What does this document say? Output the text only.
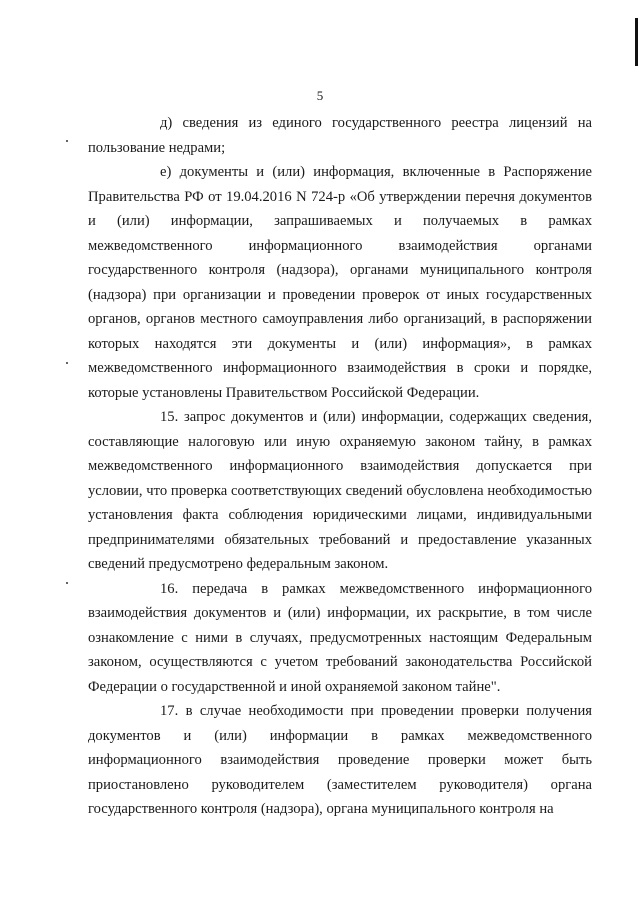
5

д) сведения из единого государственного реестра лицензий на пользование недрами;

е) документы и (или) информация, включенные в Распоряжение Правительства РФ от 19.04.2016 N 724-р «Об утверждении перечня документов и (или) информации, запрашиваемых и получаемых в рамках межведомственного информационного взаимодействия органами государственного контроля (надзора), органами муниципального контроля (надзора) при организации и проведении проверок от иных государственных органов, органов местного самоуправления либо организаций, в распоряжении которых находятся эти документы и (или) информация», в рамках межведомственного информационного взаимодействия в сроки и порядке, которые установлены Правительством Российской Федерации.

15. запрос документов и (или) информации, содержащих сведения, составляющие налоговую или иную охраняемую законом тайну, в рамках межведомственного информационного взаимодействия допускается при условии, что проверка соответствующих сведений обусловлена необходимостью установления факта соблюдения юридическими лицами, индивидуальными предпринимателями обязательных требований и предоставление указанных сведений предусмотрено федеральным законом.

16. передача в рамках межведомственного информационного взаимодействия документов и (или) информации, их раскрытие, в том числе ознакомление с ними в случаях, предусмотренных настоящим Федеральным законом, осуществляются с учетом требований законодательства Российской Федерации о государственной и иной охраняемой законом тайне".

17. в случае необходимости при проведении проверки получения документов и (или) информации в рамках межведомственного информационного взаимодействия проведение проверки может быть приостановлено руководителем (заместителем руководителя) органа государственного контроля (надзора), органа муниципального контроля на
